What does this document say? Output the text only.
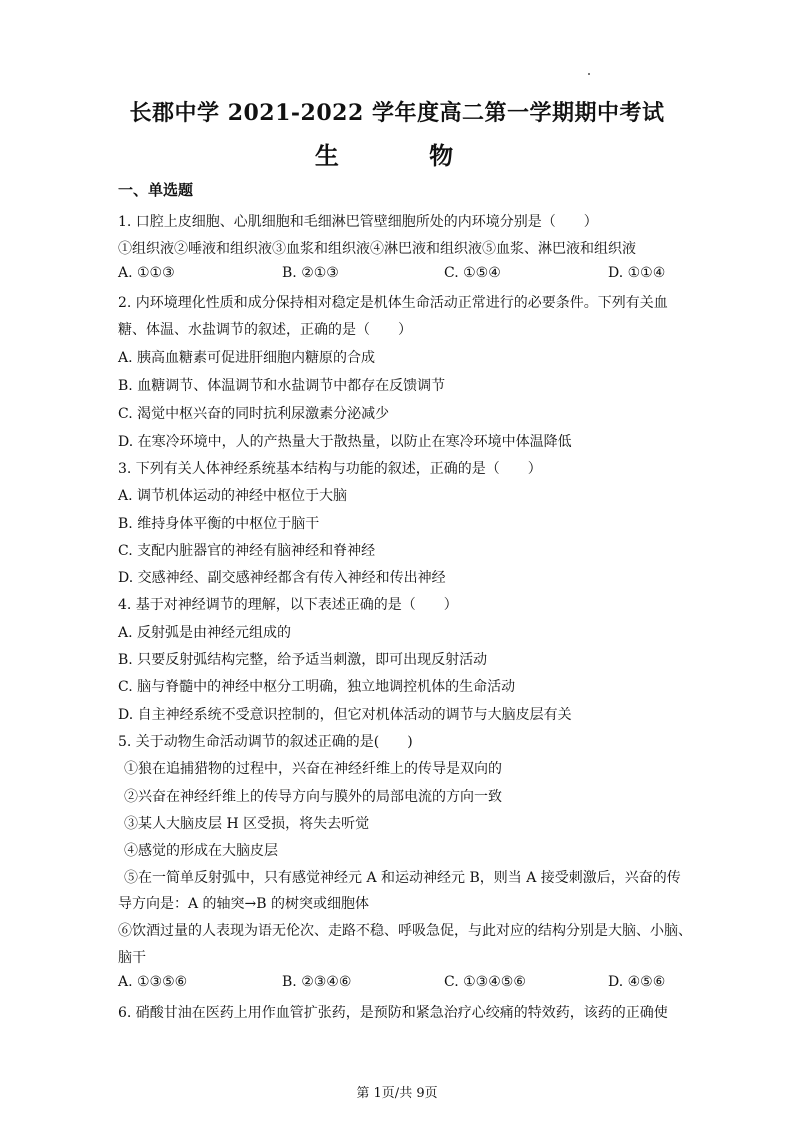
长郡中学 2021-2022 学年度高二第一学期期中考试
生 物
一、单选题
1. 口腔上皮细胞、心肌细胞和毛细淋巴管壁细胞所处的内环境分别是（　　）
①组织液②唾液和组织液③血浆和组织液④淋巴液和组织液⑤血浆、淋巴液和组织液
A. ①①③	B. ②①③	C. ①⑤④	D. ①①④
2. 内环境理化性质和成分保持相对稳定是机体生命活动正常进行的必要条件。下列有关血
糖、体温、水盐调节的叙述，正确的是（　　）
A. 胰高血糖素可促进肝细胞内糖原的合成
B. 血糖调节、体温调节和水盐调节中都存在反馈调节
C. 渴觉中枢兴奋的同时抗利尿激素分泌减少
D. 在寒冷环境中，人的产热量大于散热量，以防止在寒冷环境中体温降低
3. 下列有关人体神经系统基本结构与功能的叙述，正确的是（　　）
A. 调节机体运动的神经中枢位于大脑
B. 维持身体平衡的中枢位于脑干
C. 支配内脏器官的神经有脑神经和脊神经
D. 交感神经、副交感神经都含有传入神经和传出神经
4. 基于对神经调节的理解，以下表述正确的是（　　）
A. 反射弧是由神经元组成的
B. 只要反射弧结构完整，给予适当刺激，即可出现反射活动
C. 脑与脊髓中的神经中枢分工明确，独立地调控机体的生命活动
D. 自主神经系统不受意识控制的，但它对机体活动的调节与大脑皮层有关
5. 关于动物生命活动调节的叙述正确的是(　　)
①狼在追捕猎物的过程中，兴奋在神经纤维上的传导是双向的
②兴奋在神经纤维上的传导方向与膜外的局部电流的方向一致
③某人大脑皮层 H 区受损，将失去听觉
④感觉的形成在大脑皮层
⑤在一简单反射弧中，只有感觉神经元 A 和运动神经元 B，则当 A 接受刺激后，兴奋的传
导方向是：A 的轴突→B 的树突或细胞体
⑥饮酒过量的人表现为语无伦次、走路不稳、呼吸急促，与此对应的结构分别是大脑、小脑、
脑干
A. ①③⑤⑥	B. ②③④⑥	C. ①③④⑤⑥	D. ④⑤⑥
6. 硝酸甘油在医药上用作血管扩张药，是预防和紧急治疗心绞痛的特效药，该药的正确使
第 1页/共 9页
